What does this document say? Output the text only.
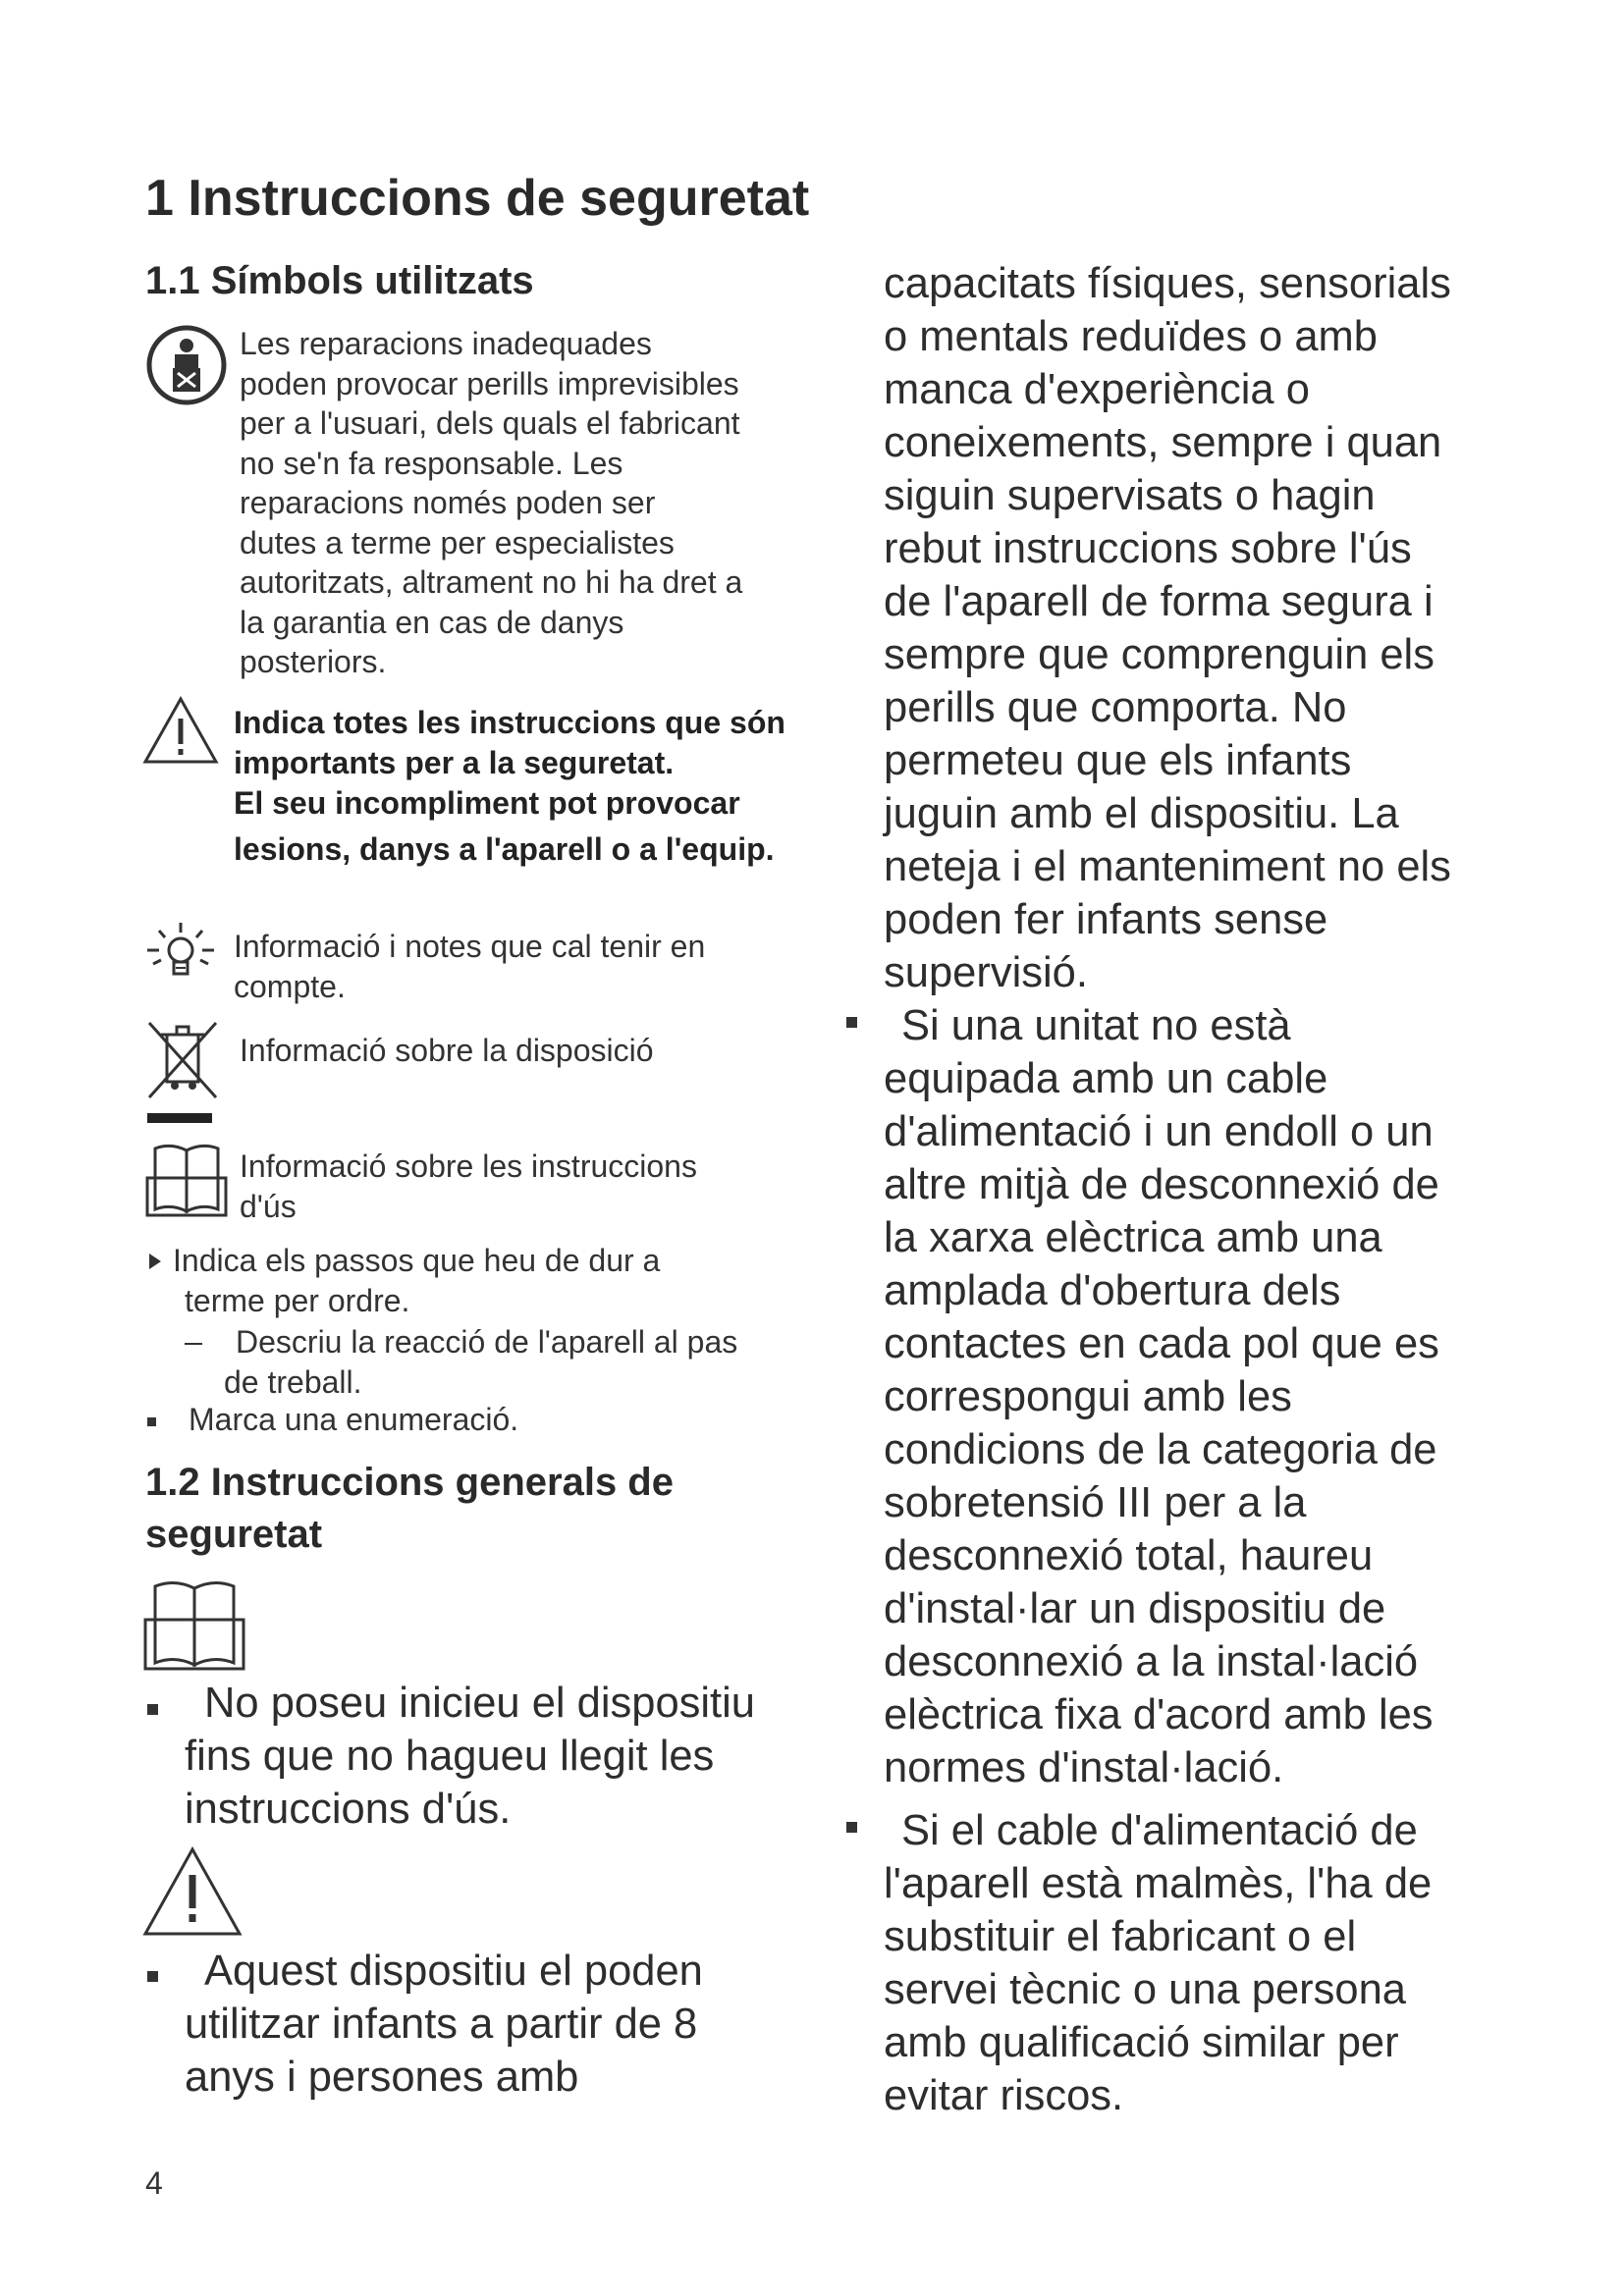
1 Instruccions de seguretat
1.1 Símbols utilitzats
Les reparacions inadequades
poden provocar perills imprevisibles
per a l'usuari, dels quals el fabricant
no se'n fa responsable. Les
reparacions només poden ser
dutes a terme per especialistes
autoritzats, altrament no hi ha dret a
la garantia en cas de danys
posteriors.
Indica totes les instruccions que són
importants per a la seguretat.
El seu incompliment pot provocar
lesions, danys a l'aparell o a l'equip.
Informació i notes que cal tenir en
compte.
Informació sobre la disposició
Informació sobre les instruccions
d'ús
Indica els passos que heu de dur a
terme per ordre.
Descriu la reacció de l'aparell al pas
de treball.
Marca una enumeració.
1.2 Instruccions generals de
seguretat
No poseu inicieu el dispositiu
fins que no hagueu llegit les
instruccions d'ús.
Aquest dispositiu el poden
utilitzar infants a partir de 8
anys i persones amb
capacitats físiques, sensorials
o mentals reduïdes o amb
manca d'experiència o
coneixements, sempre i quan
siguin supervisats o hagin
rebut instruccions sobre l'ús
de l'aparell de forma segura i
sempre que comprenguin els
perills que comporta. No
permeteu que els infants
juguin amb el dispositiu. La
neteja i el manteniment no els
poden fer infants sense
supervisió.
Si una unitat no està
equipada amb un cable
d'alimentació i un endoll o un
altre mitjà de desconnexió de
la xarxa elèctrica amb una
amplada d'obertura dels
contactes en cada pol que es
correspongui amb les
condicions de la categoria de
sobretensió III per a la
desconnexió total, haureu
d'instal·lar un dispositiu de
desconnexió a la instal·lació
elèctrica fixa d'acord amb les
normes d'instal·lació.
Si el cable d'alimentació de
l'aparell està malmès, l'ha de
substituir el fabricant o el
servei tècnic o una persona
amb qualificació similar per
evitar riscos.
4
